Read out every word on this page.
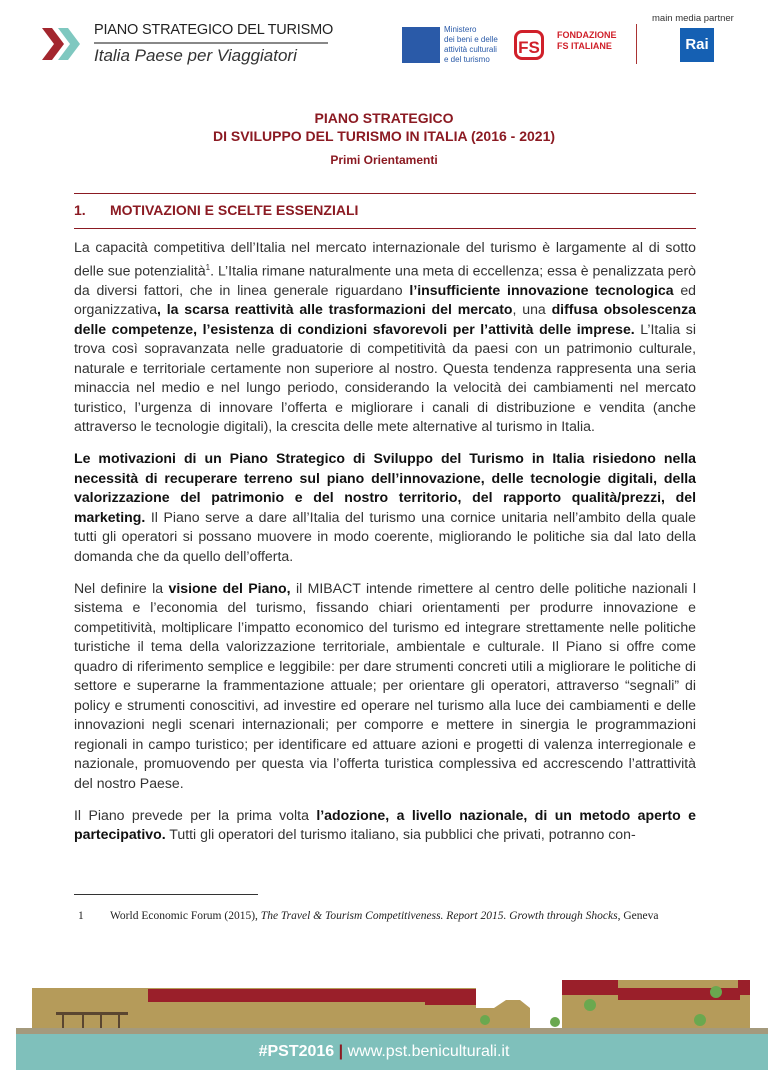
PIANO STRATEGICO DEL TURISMO
Italia Paese per Viaggiatori
Ministero
dei beni e delle
attività culturali
e del turismo
FS
FONDAZIONE
FS ITALIANE
main media partner
Rai
PIANO STRATEGICO
DI SVILUPPO DEL TURISMO IN ITALIA (2016 - 2021)
Primi Orientamenti
1. MOTIVAZIONI E SCELTE ESSENZIALI

La capacità competitiva dell’Italia nel mercato internazionale del turismo è largamente al di sotto delle sue potenzialità$^1$. L’Italia rimane naturalmente una meta di eccellenza; essa è penalizzata però da diversi fattori, che in linea generale riguardano l’insufficiente innovazione tecnologica ed organizzativa, la scarsa reattività alle trasformazioni del mercato, una diffusa obsolescenza delle competenze, l’esistenza di condizioni sfavorevoli per l’attività delle imprese. L’Italia si trova così sopravanzata nelle graduatorie di competitività da paesi con un patrimonio culturale, naturale e territoriale certamente non superiore al nostro. Questa tendenza rappresenta una seria minaccia nel medio e nel lungo periodo, considerando la velocità dei cambiamenti nel mercato turistico, l’urgenza di innovare l’offerta e migliorare i canali di distribuzione e vendita (anche attraverso le tecnologie digitali), la crescita delle mete alternative al turismo in Italia.

Le motivazioni di un Piano Strategico di Sviluppo del Turismo in Italia risiedono nella necessità di recuperare terreno sul piano dell’innovazione, delle tecnologie digitali, della valorizzazione del patrimonio e del nostro territorio, del rapporto qualità/prezzi, del marketing. Il Piano serve a dare all’Italia del turismo una cornice unitaria nell’ambito della quale tutti gli operatori si possano muovere in modo coerente, migliorando le politiche sia dal lato della domanda che da quello dell’offerta.

Nel definire la visione del Piano, il MIBACT intende rimettere al centro delle politiche nazionali l sistema e l’economia del turismo, fissando chiari orientamenti per produrre innovazione e competitività, moltiplicare l’impatto economico del turismo ed integrare strettamente nelle politiche turistiche il tema della valorizzazione territoriale, ambientale e culturale. Il Piano si offre come quadro di riferimento semplice e leggibile: per dare strumenti concreti utili a migliorare le politiche di settore e superarne la frammentazione attuale; per orientare gli operatori, attraverso “segnali” di policy e strumenti conoscitivi, ad investire ed operare nel turismo alla luce dei cambiamenti e delle innovazioni negli scenari internazionali; per comporre e mettere in sinergia le programmazioni regionali in campo turistico; per identificare ed attuare azioni e progetti di valenza interregionale e nazionale, promuovendo per questa via l’offerta turistica complessiva ed accrescendo l’attrattività del nostro Paese.

Il Piano prevede per la prima volta l’adozione, a livello nazionale, di un metodo aperto e partecipativo. Tutti gli operatori del turismo italiano, sia pubblici che privati, potranno con-

1 World Economic Forum (2015), The Travel & Tourism Competitiveness. Report 2015. Growth through Shocks, Geneva
#PST2016 | www.pst.beniculturali.it
